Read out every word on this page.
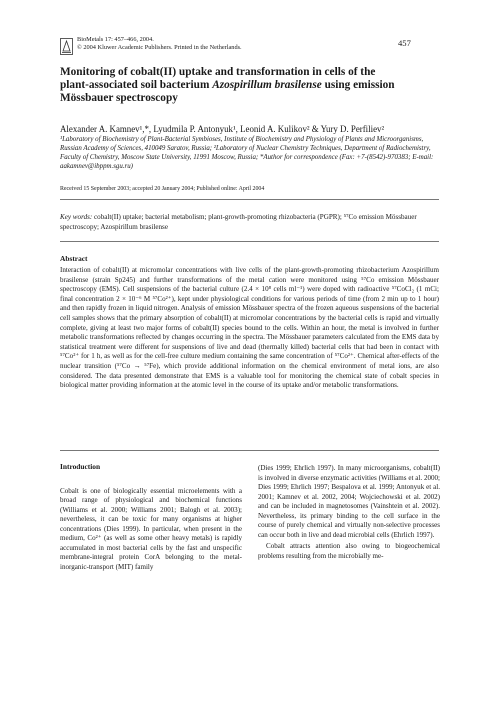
BioMetals 17: 457–466, 2004.
© 2004 Kluwer Academic Publishers. Printed in the Netherlands.	457
Monitoring of cobalt(II) uptake and transformation in cells of the
plant-associated soil bacterium Azospirillum brasilense using emission
Mössbauer spectroscopy
Alexander A. Kamnev¹,*, Lyudmila P. Antonyuk¹, Leonid A. Kulikov² & Yury D. Perfiliev²
¹Laboratory of Biochemistry of Plant-Bacterial Symbioses, Institute of Biochemistry and Physiology of Plants and Microorganisms, Russian Academy of Sciences, 410049 Saratov, Russia; ²Laboratory of Nuclear Chemistry Techniques, Department of Radiochemistry, Faculty of Chemistry, Moscow State University, 11991 Moscow, Russia; *Author for correspondence (Fax: +7-(8542)-970383; E-mail: aakamnev@ibppm.sgu.ru)
Received 15 September 2003; accepted 20 January 2004; Published online: April 2004
Key words: cobalt(II) uptake; bacterial metabolism; plant-growth-promoting rhizobacteria (PGPR); ⁵⁷Co emission Mössbauer spectroscopy; Azospirillum brasilense
Abstract
Interaction of cobalt(II) at micromolar concentrations with live cells of the plant-growth-promoting rhizobacterium Azospirillum brasilense (strain Sp245) and further transformations of the metal cation were monitored using ⁵⁷Co emission Mössbauer spectroscopy (EMS). Cell suspensions of the bacterial culture (2.4 × 10⁸ cells ml⁻¹) were doped with radioactive ⁵⁷CoCl₂ (1 mCi; final concentration 2 × 10⁻⁶ M ⁵⁷Co²⁺), kept under physiological conditions for various periods of time (from 2 min up to 1 hour) and then rapidly frozen in liquid nitrogen. Analysis of emission Mössbauer spectra of the frozen aqueous suspensions of the bacterial cell samples shows that the primary absorption of cobalt(II) at micromolar concentrations by the bacterial cells is rapid and virtually complete, giving at least two major forms of cobalt(II) species bound to the cells. Within an hour, the metal is involved in further metabolic transformations reflected by changes occurring in the spectra. The Mössbauer parameters calculated from the EMS data by statistical treatment were different for suspensions of live and dead (thermally killed) bacterial cells that had been in contact with ⁵⁷Co²⁺ for 1 h, as well as for the cell-free culture medium containing the same concentration of ⁵⁷Co²⁺. Chemical after-effects of the nuclear transition (⁵⁷Co → ⁵⁷Fe), which provide additional information on the chemical environment of metal ions, are also considered. The data presented demonstrate that EMS is a valuable tool for monitoring the chemical state of cobalt species in biological matter providing information at the atomic level in the course of its uptake and/or metabolic transformations.
Introduction

Cobalt is one of biologically essential microelements with a broad range of physiological and biochemical functions (Williams et al. 2000; Williams 2001; Balogh et al. 2003); nevertheless, it can be toxic for many organisms at higher concentrations (Dies 1999). In particular, when present in the medium, Co²⁺ (as well as some other heavy metals) is rapidly accumulated in most bacterial cells by the fast and unspecific membrane-integral protein CorA belonging to the metal-inorganic-transport (MIT) family

(Dies 1999; Ehrlich 1997). In many microorganisms, cobalt(II) is involved in diverse enzymatic activities (Williams et al. 2000; Dies 1999; Ehrlich 1997; Bespalova et al. 1999; Antonyuk et al. 2001; Kamnev et al. 2002, 2004; Wojciechowski et al. 2002) and can be included in magnetosomes (Vainshtein et al. 2002). Nevertheless, its primary binding to the cell surface in the course of purely chemical and virtually non-selective processes can occur both in live and dead microbial cells (Ehrlich 1997).

Cobalt attracts attention also owing to biogeochemical problems resulting from the microbially me-
